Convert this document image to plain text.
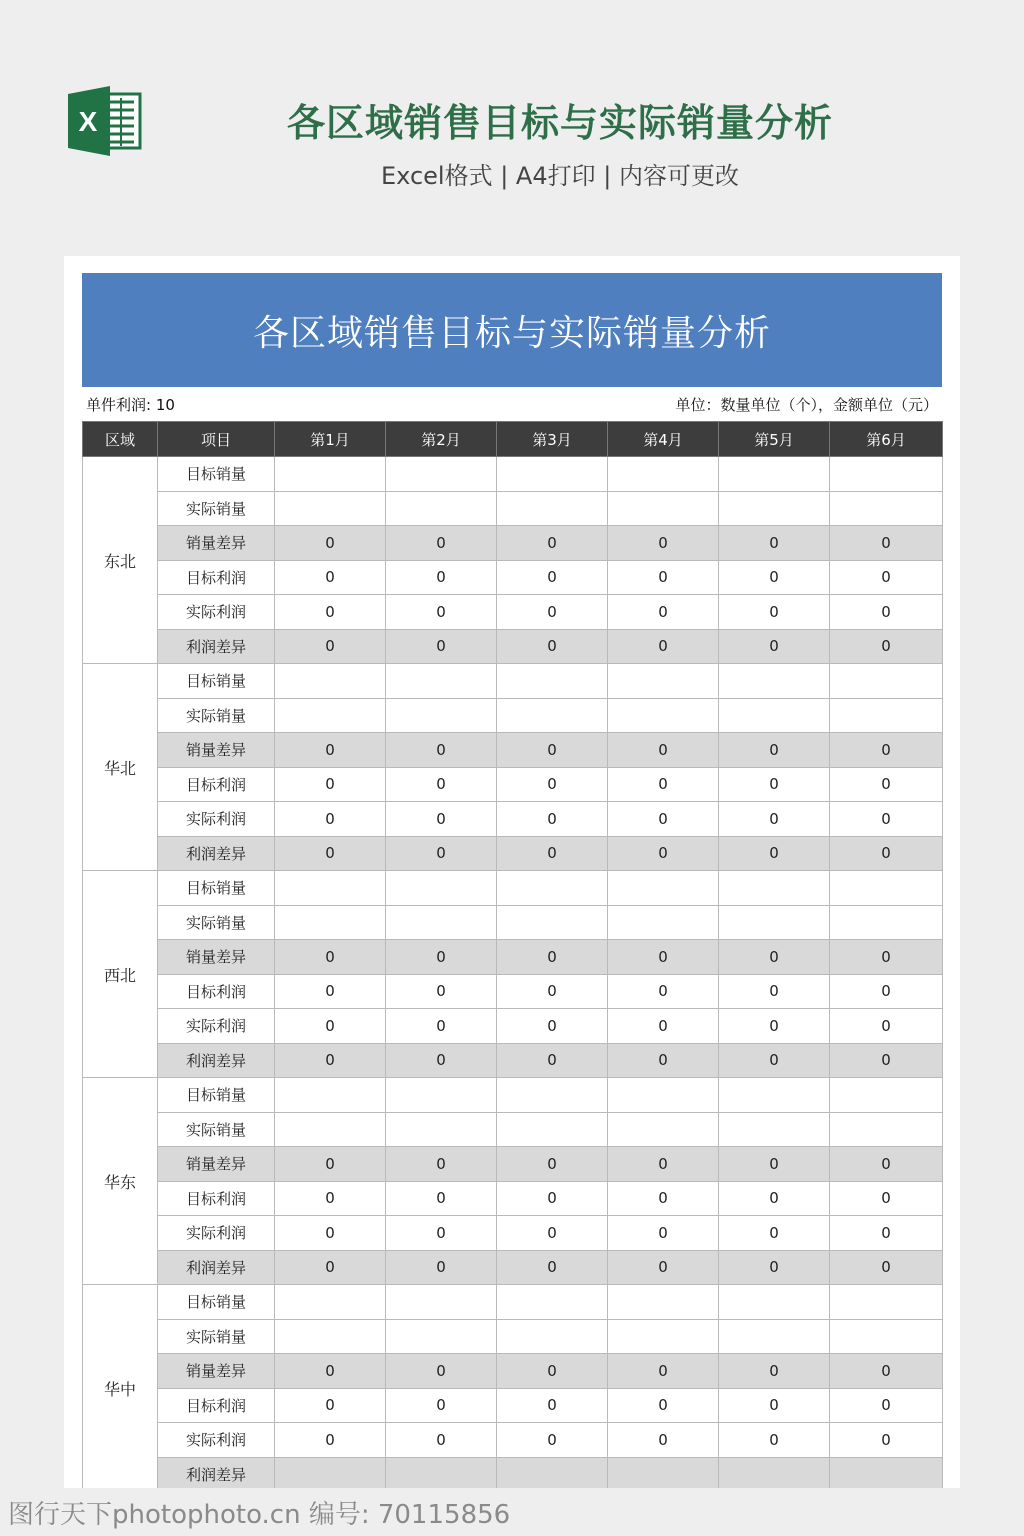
X	各区域销售目标与实际销量分析
Excel格式 | A4打印 | 内容可更改
各区域销售目标与实际销量分析
单件利润: 10	单位：数量单位（个），金额单位（元）
区域	项目	第1月	第2月	第3月	第4月	第5月	第6月
东北	目标销量						
	实际销量						
	销量差异	0	0	0	0	0	0
	目标利润	0	0	0	0	0	0
	实际利润	0	0	0	0	0	0
	利润差异	0	0	0	0	0	0
华北	目标销量						
	实际销量						
	销量差异	0	0	0	0	0	0
	目标利润	0	0	0	0	0	0
	实际利润	0	0	0	0	0	0
	利润差异	0	0	0	0	0	0
西北	目标销量						
	实际销量						
	销量差异	0	0	0	0	0	0
	目标利润	0	0	0	0	0	0
	实际利润	0	0	0	0	0	0
	利润差异	0	0	0	0	0	0
华东	目标销量						
	实际销量						
	销量差异	0	0	0	0	0	0
	目标利润	0	0	0	0	0	0
	实际利润	0	0	0	0	0	0
	利润差异	0	0	0	0	0	0
华中	目标销量						
	实际销量						
	销量差异	0	0	0	0	0	0
	目标利润	0	0	0	0	0	0
	实际利润	0	0	0	0	0	0
	利润差异						
图行天下photophoto.cn 编号: 70115856
